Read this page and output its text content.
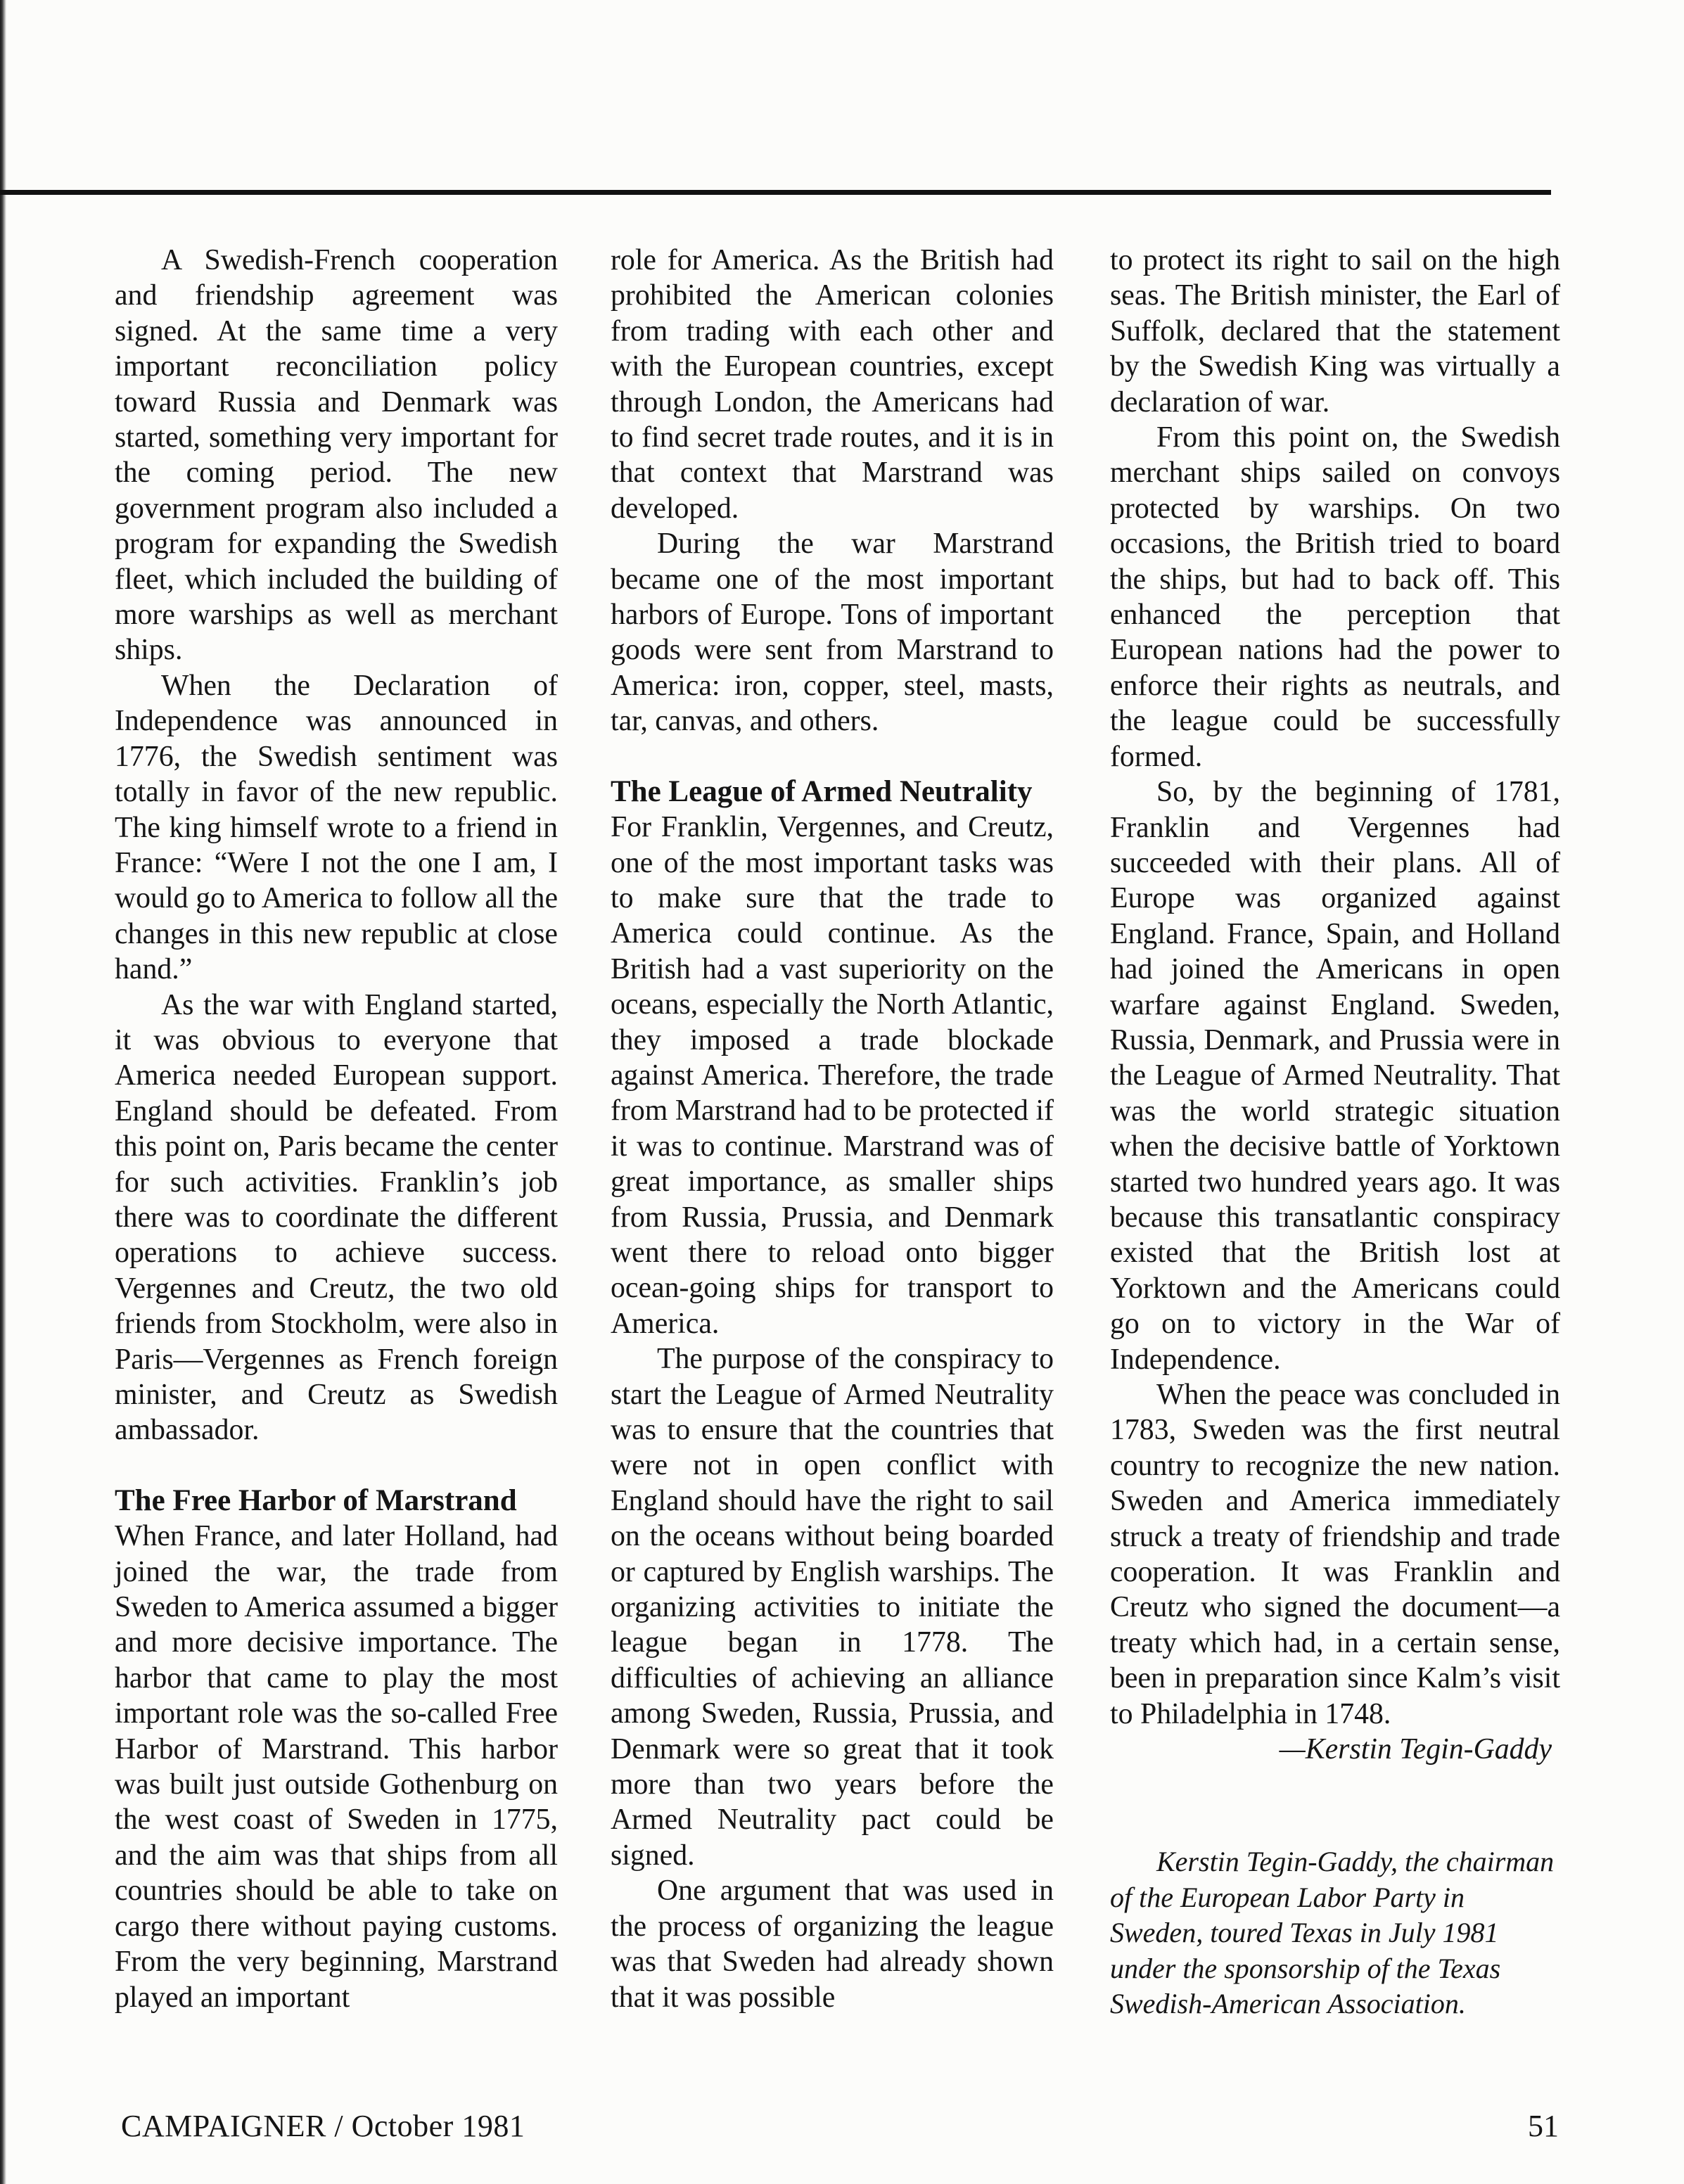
A Swedish-French cooperation and friendship agreement was signed. At the same time a very important reconciliation policy toward Russia and Denmark was started, something very important for the coming period. The new government program also included a program for expanding the Swedish fleet, which included the building of more warships as well as merchant ships.

When the Declaration of Independence was announced in 1776, the Swedish sentiment was totally in favor of the new republic. The king himself wrote to a friend in France: “Were I not the one I am, I would go to America to follow all the changes in this new republic at close hand.”

As the war with England started, it was obvious to everyone that America needed European support. England should be defeated. From this point on, Paris became the center for such activities. Franklin’s job there was to coordinate the different operations to achieve success. Vergennes and Creutz, the two old friends from Stockholm, were also in Paris—Vergennes as French foreign minister, and Creutz as Swedish ambassador.

The Free Harbor of Marstrand

When France, and later Holland, had joined the war, the trade from Sweden to America assumed a bigger and more decisive importance. The harbor that came to play the most important role was the so-called Free Harbor of Marstrand. This harbor was built just outside Gothenburg on the west coast of Sweden in 1775, and the aim was that ships from all countries should be able to take on cargo there without paying customs. From the very beginning, Marstrand played an important

role for America. As the British had prohibited the American colonies from trading with each other and with the European countries, except through London, the Americans had to find secret trade routes, and it is in that context that Marstrand was developed.

During the war Marstrand became one of the most important harbors of Europe. Tons of important goods were sent from Marstrand to America: iron, copper, steel, masts, tar, canvas, and others.

The League of Armed Neutrality

For Franklin, Vergennes, and Creutz, one of the most important tasks was to make sure that the trade to America could continue. As the British had a vast superiority on the oceans, especially the North Atlantic, they imposed a trade blockade against America. Therefore, the trade from Marstrand had to be protected if it was to continue. Marstrand was of great importance, as smaller ships from Russia, Prussia, and Denmark went there to reload onto bigger ocean-going ships for transport to America.

The purpose of the conspiracy to start the League of Armed Neutrality was to ensure that the countries that were not in open conflict with England should have the right to sail on the oceans without being boarded or captured by English warships. The organizing activities to initiate the league began in 1778. The difficulties of achieving an alliance among Sweden, Russia, Prussia, and Denmark were so great that it took more than two years before the Armed Neutrality pact could be signed.

One argument that was used in the process of organizing the league was that Sweden had already shown that it was possible

to protect its right to sail on the high seas. The British minister, the Earl of Suffolk, declared that the statement by the Swedish King was virtually a declaration of war.

From this point on, the Swedish merchant ships sailed on convoys protected by warships. On two occasions, the British tried to board the ships, but had to back off. This enhanced the perception that European nations had the power to enforce their rights as neutrals, and the league could be successfully formed.

So, by the beginning of 1781, Franklin and Vergennes had succeeded with their plans. All of Europe was organized against England. France, Spain, and Holland had joined the Americans in open warfare against England. Sweden, Russia, Denmark, and Prussia were in the League of Armed Neutrality. That was the world strategic situation when the decisive battle of Yorktown started two hundred years ago. It was because this transatlantic conspiracy existed that the British lost at Yorktown and the Americans could go on to victory in the War of Independence.

When the peace was concluded in 1783, Sweden was the first neutral country to recognize the new nation. Sweden and America immediately struck a treaty of friendship and trade cooperation. It was Franklin and Creutz who signed the document—a treaty which had, in a certain sense, been in preparation since Kalm’s visit to Philadelphia in 1748.

—Kerstin Tegin-Gaddy

Kerstin Tegin-Gaddy, the chairman of the European Labor Party in Sweden, toured Texas in July 1981 under the sponsorship of the Texas Swedish-American Association.

CAMPAIGNER / October 1981	51
